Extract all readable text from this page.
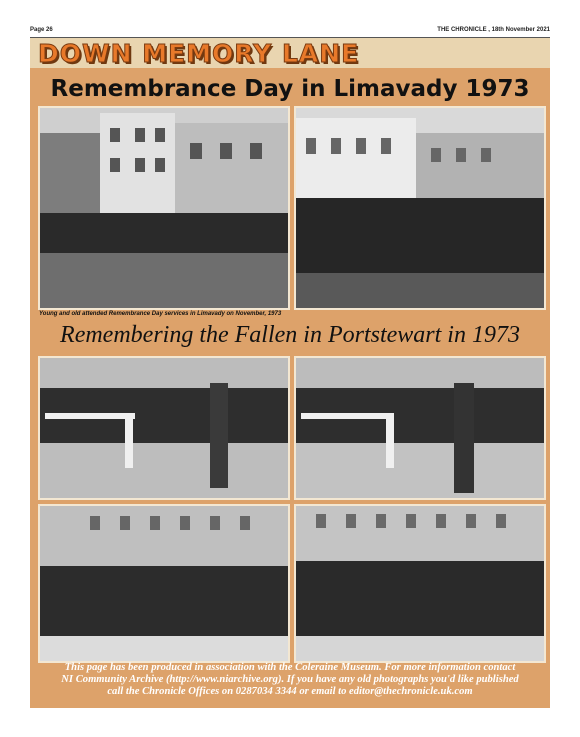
Page 26	THE CHRONICLE , 18th November 2021
DOWN MEMORY LANE
Remembrance Day in Limavady 1973
Young and old attended Remembrance Day services in Limavady on November, 1973
Remembering the Fallen in Portstewart in 1973
This page has been produced in association with the Coleraine Museum. For more information contact
NI Community Archive (http://www.niarchive.org). If you have any old photographs you'd like published
call the Chronicle Offices on 0287034 3344 or email to editor@thechronicle.uk.com
